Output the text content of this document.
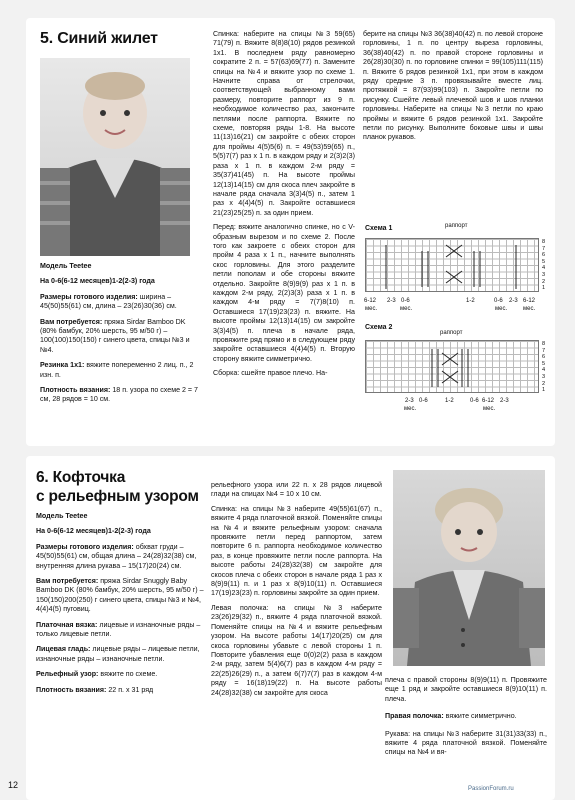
5. Синий жилет
Модель Teetee
На 0-6(6-12 месяцев)1-2(2-3) года
Размеры готового изделия: ширина – 45(50)55(61) см, длина – 23(26)30(36) см.
Вам потребуется: пряжа Sirdar Bamboo DK (80% бамбук, 20% шерсть, 95 м/50 г) – 100(100)150(150) г синего цвета, спицы №3 и №4.
Резинка 1х1: вяжите попеременно 2 лиц. п., 2 изн. п.
Плотность вязания: 18 п. узора по схеме 2 = 7 см, 28 рядов = 10 см.

Спинка: наберите на спицы №3 59(65) 71(79) п. Вяжите 8(8)8(10) рядов резинкой 1х1. В последнем ряду равномерно сократите 2 п. = 57(63)69(77) п. Замените спицы на №4 и вяжите узор по схеме 1. Начните справа от стрелочки, соответствующей выбранному вами размеру, повторите раппорт из 9 п. необходимое количество раз, закончите петлями после раппорта. Вяжите по схеме, повторяя ряды 1-8. На высоте 11(13)16(21) см закройте с обеих сторон для проймы 4(5)5(6) п. = 49(53)59(65) п., 5(5)7(7) раз х 1 п. в каждом ряду и 2(3)2(3) раза х 1 п. в каждом 2-м ряду = 35(37)41(45) п. На высоте проймы 12(13)14(15) см для скоса плеч закройте в начале ряда сначала 3(3)4(5) п., затем 1 раз х 4(4)4(5) п. Закройте оставшиеся 21(23)25(25) п. за один прием.

Перед: вяжите аналогично спинке, но с V-образным вырезом и по схеме 2. После того как закроете с обеих сторон для пройм 4 раза х 1 п., начните выполнять скос горловины. Для этого разделите петли пополам и обе стороны вяжите отдельно. Закройте 8(9)9(9) раз х 1 п. в каждом 2-м ряду, 2(2)3(3) раза х 1 п. в каждом 4-м ряду = 7(7)8(10) п. Оставшиеся 17(19)23(23) п. вяжите. На высоте проймы 12(13)14(15) см закройте 3(3)4(5) п. плеча в начале ряда, провяжите ряд прямо и в следующем ряду закройте оставшиеся 4(4)4(5) п. Вторую сторону вяжите симметрично.

Сборка: сшейте правое плечо. На-

берите на спицы №3 36(38)40(42) п. по левой стороне горловины, 1 п. по центру выреза горловины, 36(38)40(42) п. по правой стороне горловины и 26(28)30(30) п. по горловине спинки = 99(105)111(115) п. Вяжите 6 рядов резинкой 1х1, при этом в каждом ряду средние 3 п. провязывайте вместе лиц. протяжкой = 87(93)99(103) п. Закройте петли по рисунку. Сшейте левый плечевой шов и шов планки горловины. Наберите на спицы №3 петли по краю проймы и вяжите 6 рядов резинкой 1х1. Закройте петли по рисунку. Выполните боковые швы и швы планок рукавов.

Схема 1	раппорт
8
7
6
5
4
3
2
1
6-12 2-3 0-6	1-2	0-6 2-3 6-12
мес.	мес.	мес.	мес.
Схема 2
раппорт
8
7
6
5
4
3
2
1
2-3 0-6	1-2	0-6 6-12 2-3
мес.	мес.
6. Кофточка
с рельефным узором
Модель Teetee
На 0-6(6-12 месяцев)1-2(2-3) года
Размеры готового изделия: обхват груди – 45(50)55(61) см, общая длина – 24(28)32(38) см, внутренняя длина рукава – 15(17)20(24) см.
Вам потребуется: пряжа Sirdar Snuggly Baby Bamboo DK (80% бамбук, 20% шерсть, 95 м/50 г) – 150(150)200(250) г синего цвета, спицы №3 и №4, 4(4)4(5) пуговиц.
Платочная вязка: лицевые и изнаночные ряды – только лицевые петли.
Лицевая гладь: лицевые ряды – лицевые петли, изнаночные ряды – изнаночные петли.
Рельефный узор: вяжите по схеме.
Плотность вязания: 22 п. х 31 ряд

рельефного узора или 22 п. х 28 рядов лицевой глади на спицах №4 = 10 х 10 см.

Спинка: на спицы №3 наберите 49(55)61(67) п., вяжите 4 ряда платочной вязкой. Поменяйте спицы на №4 и вяжите рельефным узором: сначала провяжите петли перед раппортом, затем повторите 6 п. раппорта необходимое количество раз, в конце провяжите петли после раппорта. На высоте работы 24(28)32(38) см закройте для скосов плеча с обеих сторон в начале ряда 1 раз х 8(9)9(11) п. и 1 раз х 8(9)10(11) п. Оставшиеся 17(19)23(23) п. горловины закройте за один прием.

Левая полочка: на спицы №3 наберите 23(26)29(32) п., вяжите 4 ряда платочной вязкой. Поменяйте спицы на №4 и вяжите рельефным узором. На высоте работы 14(17)20(25) см для скоса горловины убавьте с левой стороны 1 п. Повторите убавления еще 0(0)2(2) раза в каждом 2-м ряду, затем 5(4)6(7) раз в каждом 4-м ряду = 22(25)26(29) п., а затем 6(7)7(7) раз в каждом 4-м ряду = 16(18)19(22) п. На высоте работы 24(28)32(38) см закройте для скоса

плеча с правой стороны 8(9)9(11) п. Провяжите еще 1 ряд и закройте оставшиеся 8(9)10(11) п. плеча.

Правая полочка: вяжите симметрично.

Рукава: на спицы №3 наберите 31(31)33(33) п., вяжите 4 ряда платочной вязкой. Поменяйте спицы на №4 и вя-

12	PassionForum.ru
